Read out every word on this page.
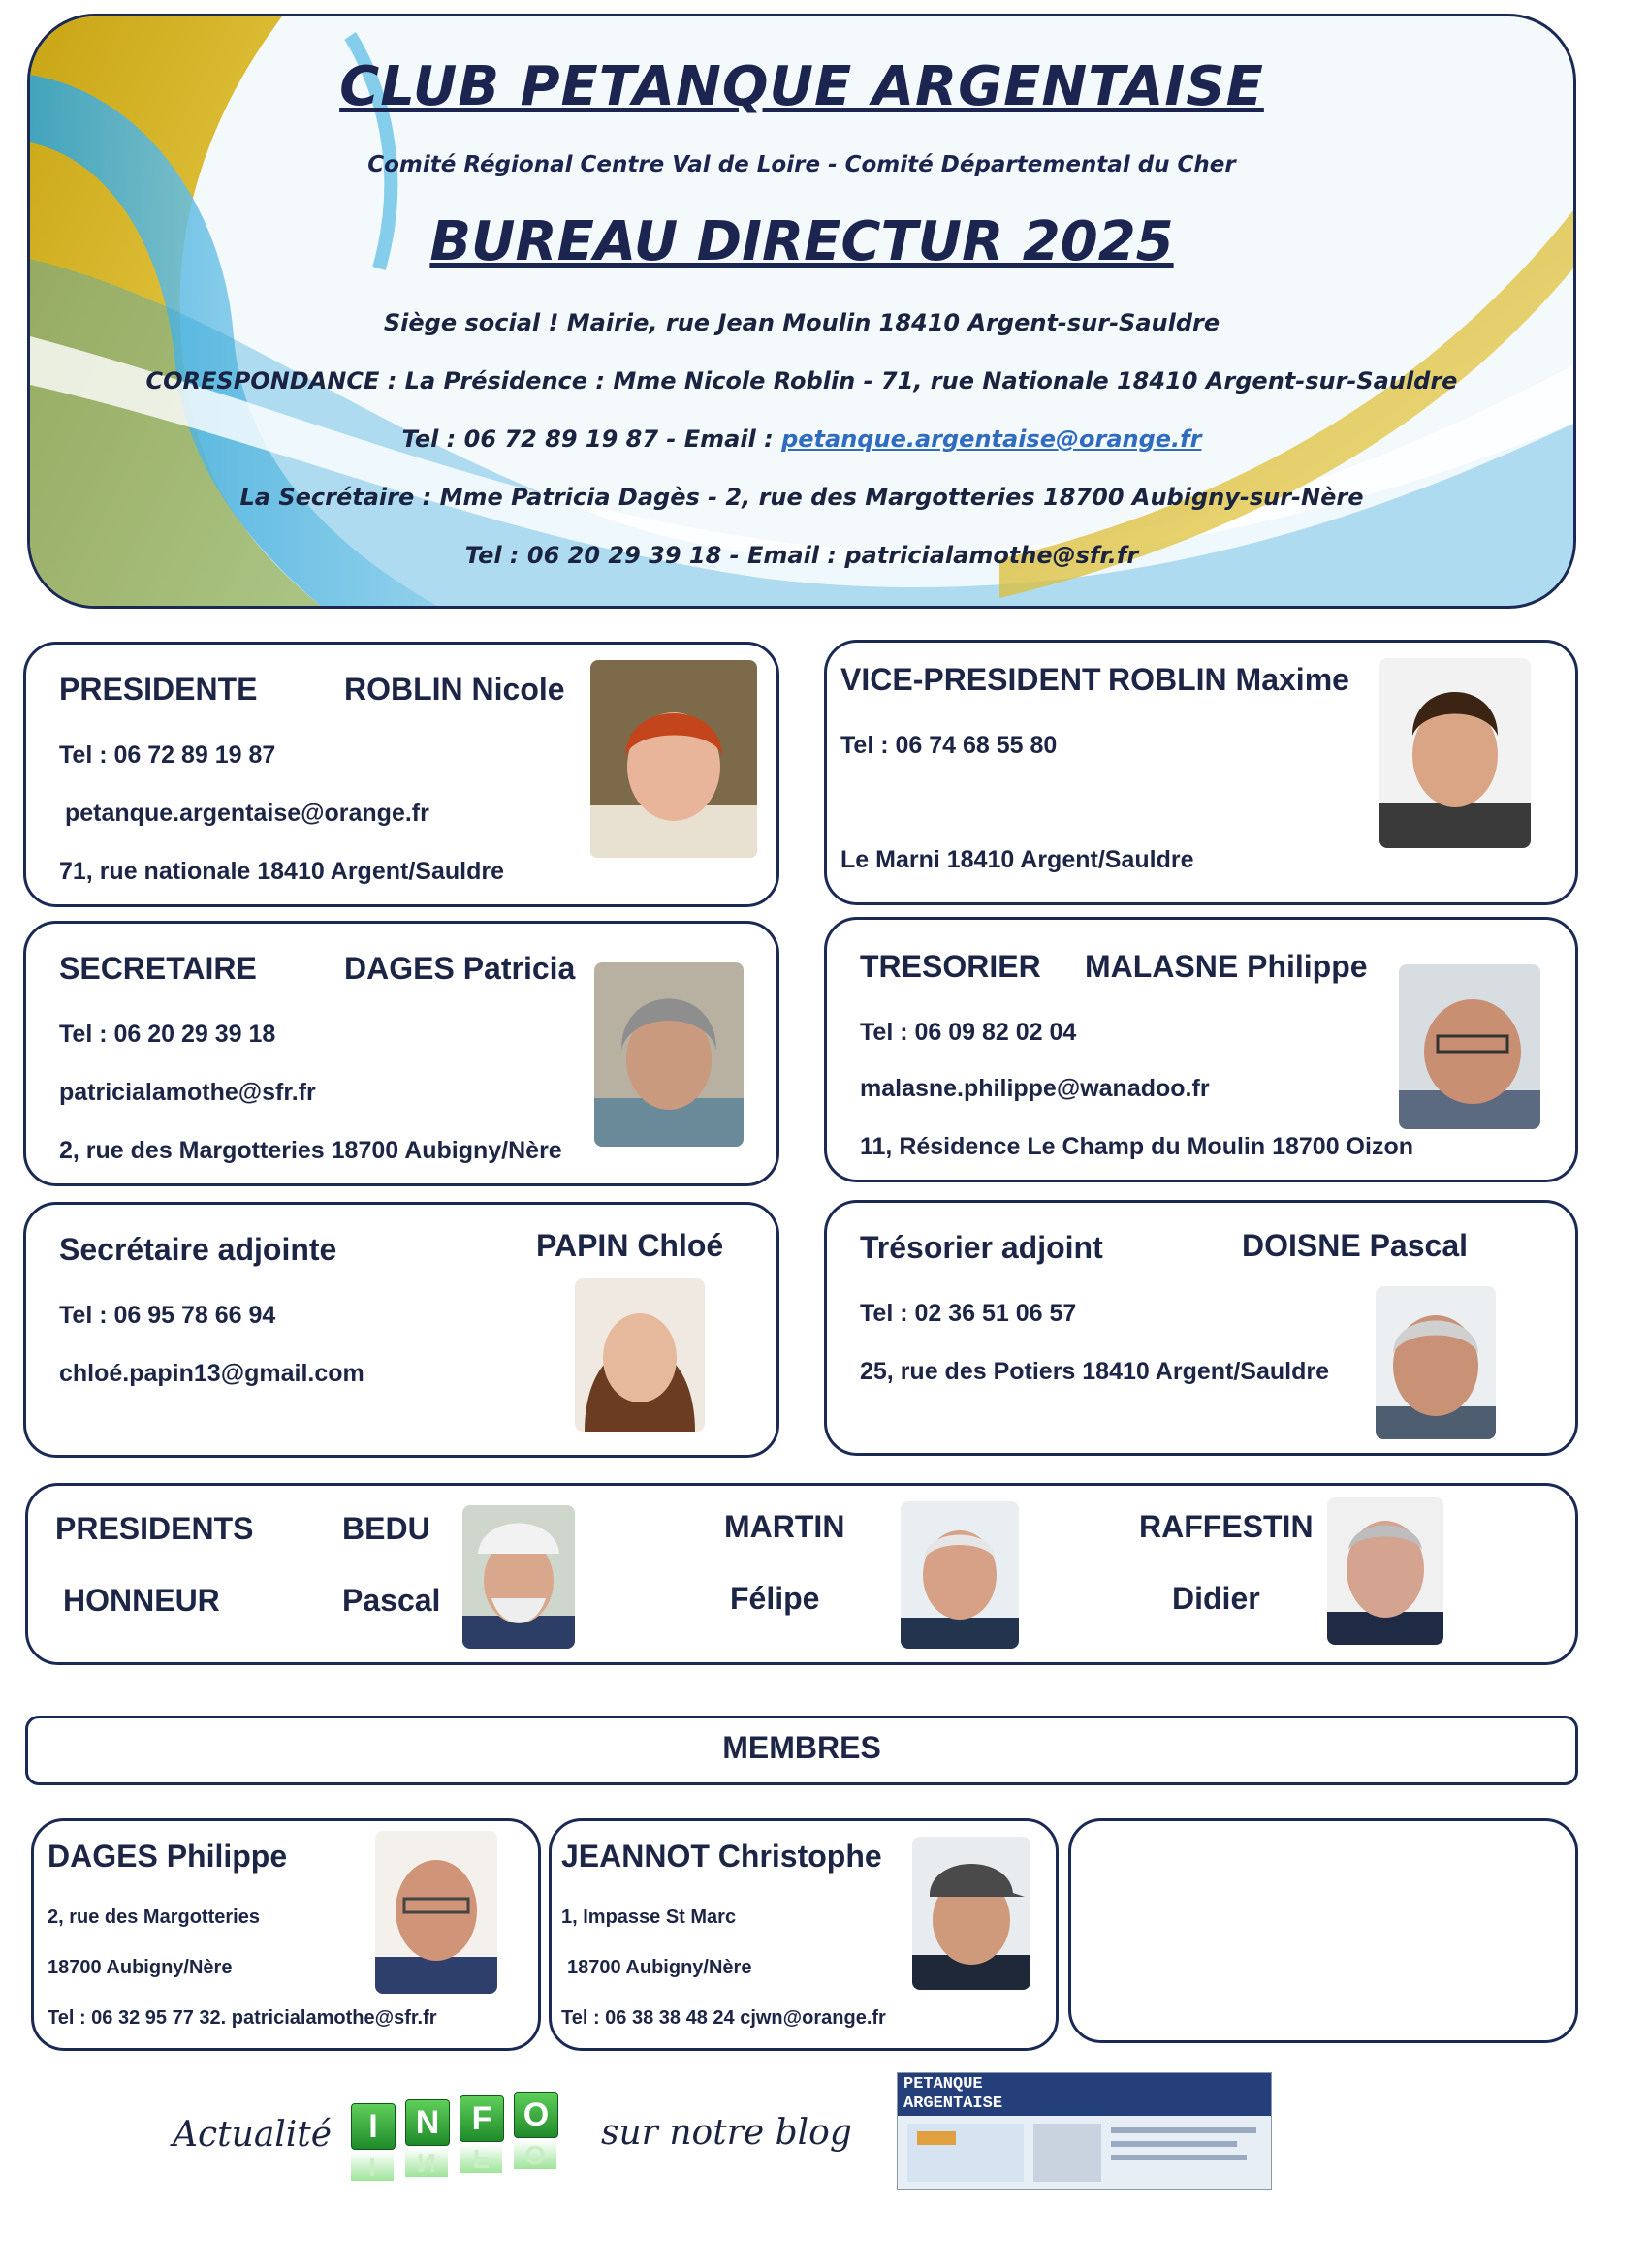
CLUB PETANQUE ARGENTAISE
Comité Régional Centre Val de Loire - Comité Départemental du Cher
BUREAU DIRECTUR 2025
Siège social ! Mairie, rue Jean Moulin 18410 Argent-sur-Sauldre
CORESPONDANCE : La Présidence : Mme Nicole Roblin - 71, rue Nationale 18410 Argent-sur-Sauldre
Tel : 06 72 89 19 87 - Email : petanque.argentaise@orange.fr
La Secrétaire : Mme Patricia Dagès - 2, rue des Margotteries 18700 Aubigny-sur-Nère
Tel : 06 20 29 39 18 - Email : patricialamothe@sfr.fr
PRESIDENTE	ROBLIN Nicole
Tel : 06 72 89 19 87
petanque.argentaise@orange.fr
71, rue nationale 18410 Argent/Sauldre
VICE-PRESIDENT ROBLIN Maxime
Tel : 06 74 68 55 80
Le Marni 18410 Argent/Sauldre
SECRETAIRE	DAGES Patricia
Tel : 06 20 29 39 18
patricialamothe@sfr.fr
2, rue des Margotteries 18700 Aubigny/Nère
TRESORIER MALASNE Philippe
Tel : 06 09 82 02 04
malasne.philippe@wanadoo.fr
11, Résidence Le Champ du Moulin 18700 Oizon
Secrétaire adjointe	PAPIN Chloé
Tel : 06 95 78 66 94
chloé.papin13@gmail.com
Trésorier adjoint	DOISNE Pascal
Tel : 02 36 51 06 57
25, rue des Potiers 18410 Argent/Sauldre
PRESIDENTS
HONNEUR
BEDU
Pascal
MARTIN
Félipe
RAFFESTIN
Didier
MEMBRES
DAGES Philippe
2, rue des Margotteries
18700 Aubigny/Nère
Tel : 06 32 95 77 32. patricialamothe@sfr.fr
JEANNOT Christophe
1, Impasse St Marc
18700 Aubigny/Nère
Tel : 06 38 38 48 24 cjwn@orange.fr
Actualité	I	N F O
I	N	F	O
sur notre blog
PETANQUE
ARGENTAISE
